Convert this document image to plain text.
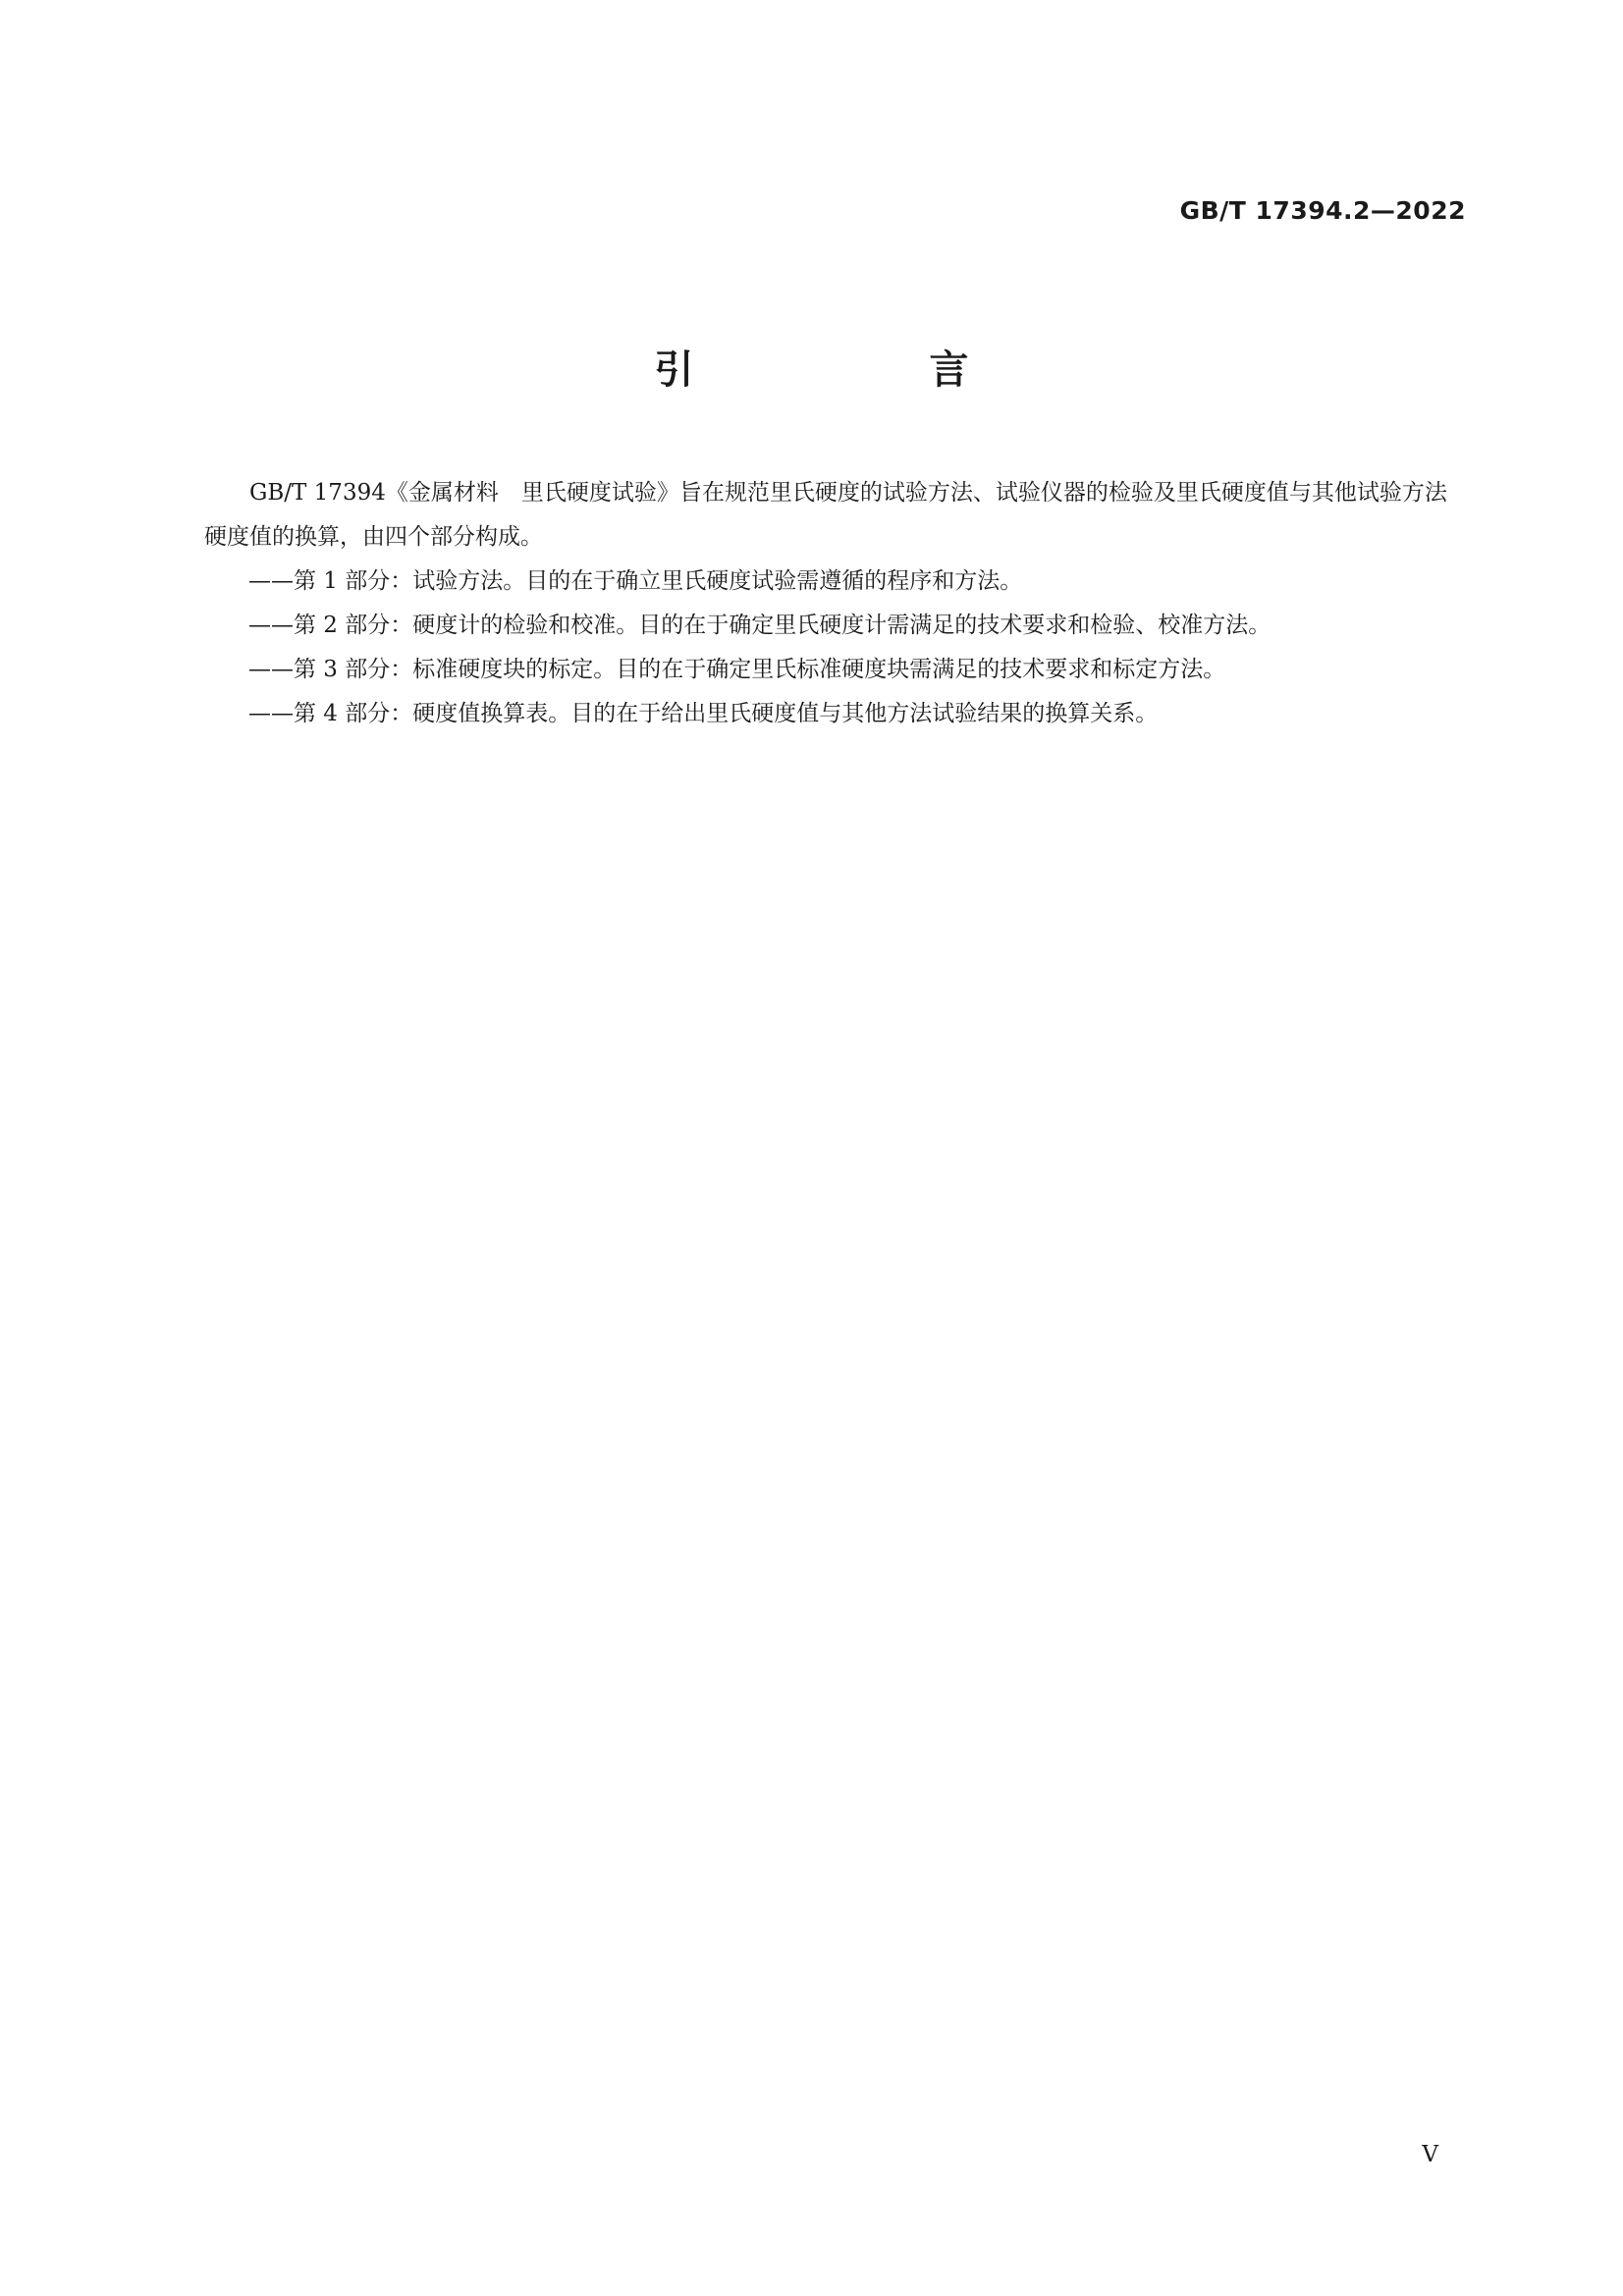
GB/T 17394.2—2022
引　言

GB/T 17394《金属材料　里氏硬度试验》旨在规范里氏硬度的试验方法、试验仪器的检验及里氏硬度值与其他试验方法硬度值的换算，由四个部分构成。

——第 1 部分：试验方法。目的在于确立里氏硬度试验需遵循的程序和方法。
——第 2 部分：硬度计的检验和校准。目的在于确定里氏硬度计需满足的技术要求和检验、校准方法。
——第 3 部分：标准硬度块的标定。目的在于确定里氏标准硬度块需满足的技术要求和标定方法。
——第 4 部分：硬度值换算表。目的在于给出里氏硬度值与其他方法试验结果的换算关系。
V
